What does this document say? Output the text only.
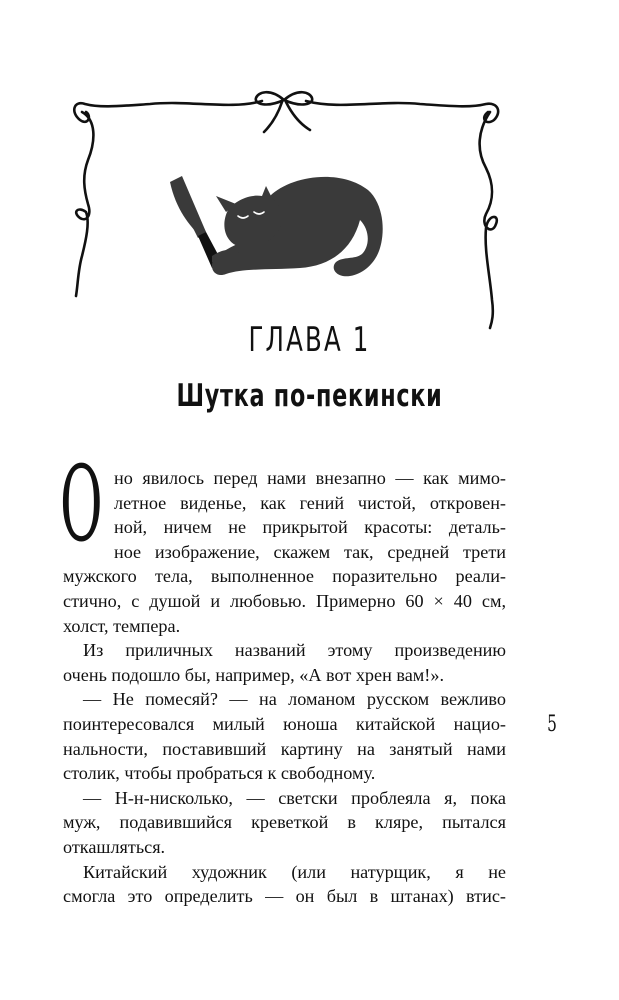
ГЛАВА 1
Шутка по-пекински
О но явилось перед нами внезапно — как мимо-
летное виденье, как гений чистой, откровен-
ной, ничем не прикрытой красоты: деталь-
ное изображение, скажем так, средней трети
мужского тела, выполненное поразительно реали-
стично, с душой и любовью. Примерно 60 × 40 см,
холст, темпера.
Из приличных названий этому произведению
очень подошло бы, например, «А вот хрен вам!».
— Не помесяй? — на ломаном русском вежливо
поинтересовался милый юноша китайской нацио-
нальности, поставивший картину на занятый нами
столик, чтобы пробраться к свободному.
— Н-н-нисколько, — светски проблеяла я, пока
муж, подавившийся креветкой в кляре, пытался
откашляться.
Китайский художник (или натурщик, я не
смогла это определить — он был в штанах) втис-
5
